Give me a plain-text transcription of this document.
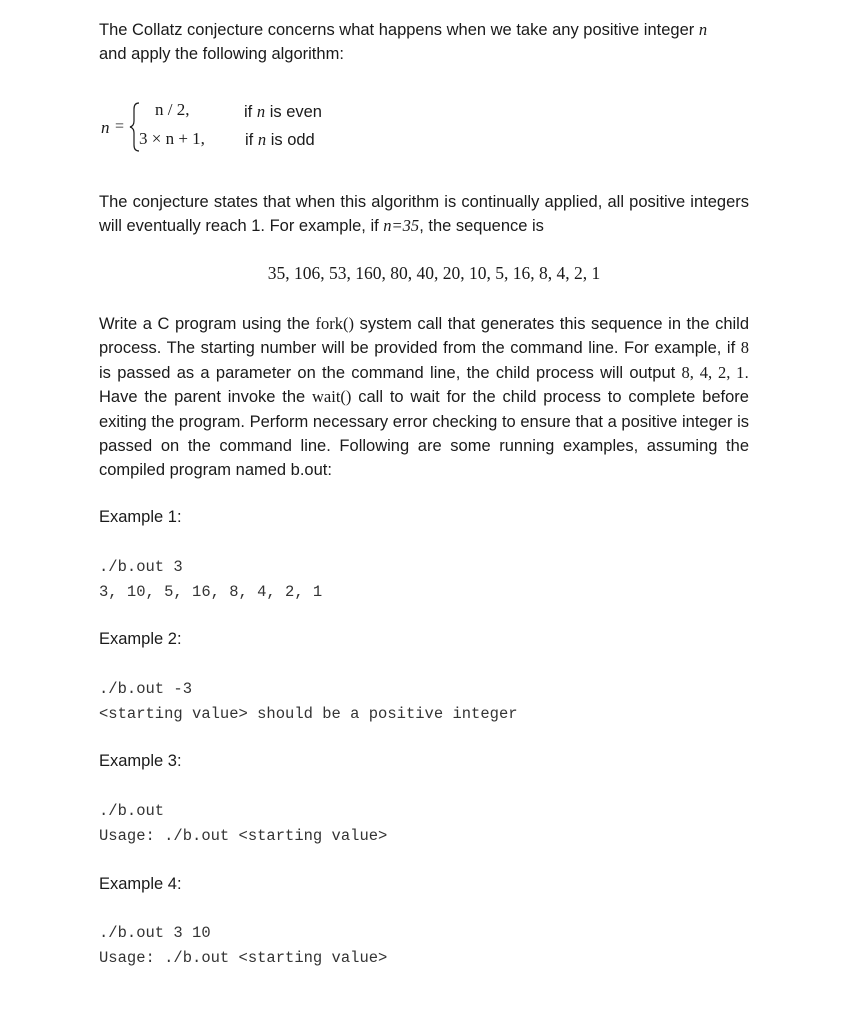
The Collatz conjecture concerns what happens when we take any positive integer n
and apply the following algorithm:

n =
n / 2,
3 × n + 1,
if n is even
if n is odd

The conjecture states that when this algorithm is continually applied, all positive integers will eventually reach 1. For example, if n=35, the sequence is

35, 106, 53, 160, 80, 40, 20, 10, 5, 16, 8, 4, 2, 1

Write a C program using the fork() system call that generates this sequence in the child process. The starting number will be provided from the command line. For example, if 8 is passed as a parameter on the command line, the child process will output 8, 4, 2, 1. Have the parent invoke the wait() call to wait for the child process to complete before exiting the program. Perform necessary error checking to ensure that a positive integer is passed on the command line. Following are some running examples, assuming the compiled program named b.out:

Example 1:

./b.out 3
3, 10, 5, 16, 8, 4, 2, 1

Example 2:

./b.out -3
<starting value> should be a positive integer

Example 3:

./b.out
Usage: ./b.out <starting value>

Example 4:

./b.out 3 10
Usage: ./b.out <starting value>
